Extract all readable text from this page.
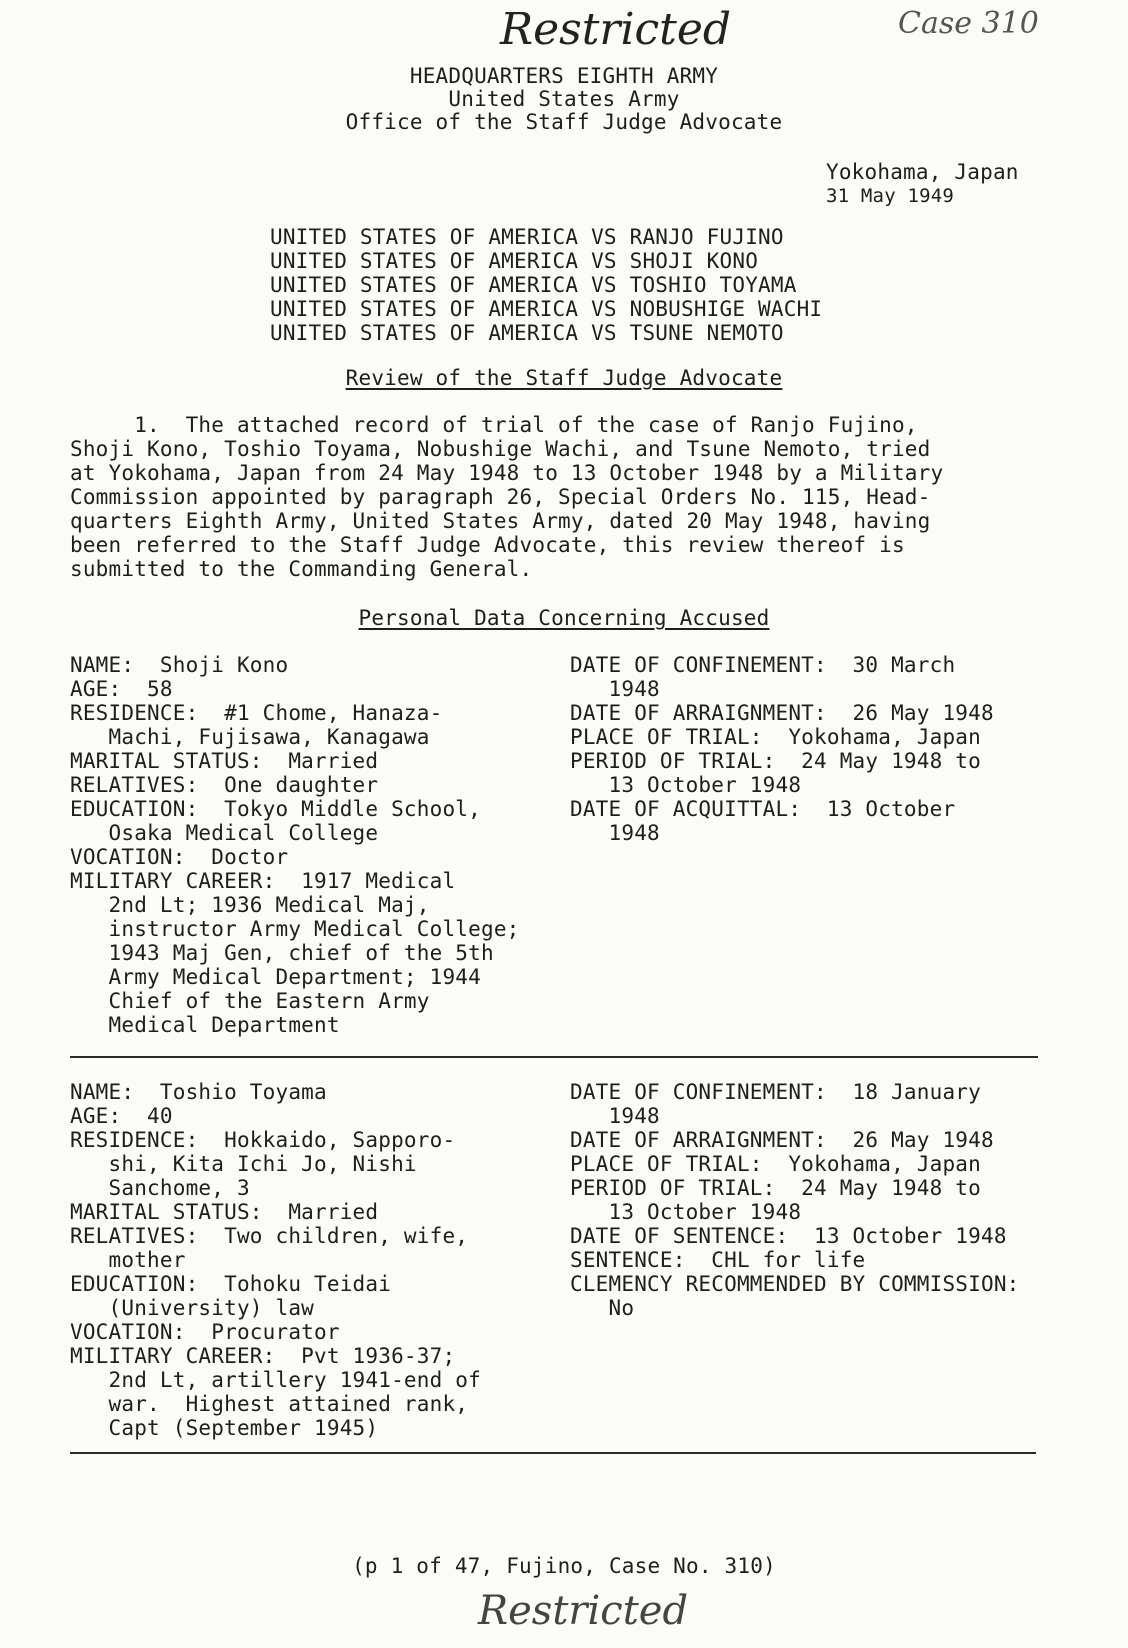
Restricted	Case 310
HEADQUARTERS EIGHTH ARMY
United States Army
Office of the Staff Judge Advocate
Yokohama, Japan
31 May 1949
UNITED STATES OF AMERICA VS RANJO FUJINO
UNITED STATES OF AMERICA VS SHOJI KONO
UNITED STATES OF AMERICA VS TOSHIO TOYAMA
UNITED STATES OF AMERICA VS NOBUSHIGE WACHI
UNITED STATES OF AMERICA VS TSUNE NEMOTO
Review of the Staff Judge Advocate
1.  The attached record of trial of the case of Ranjo Fujino,
Shoji Kono, Toshio Toyama, Nobushige Wachi, and Tsune Nemoto, tried
at Yokohama, Japan from 24 May 1948 to 13 October 1948 by a Military
Commission appointed by paragraph 26, Special Orders No. 115, Head-
quarters Eighth Army, United States Army, dated 20 May 1948, having
been referred to the Staff Judge Advocate, this review thereof is
submitted to the Commanding General.
Personal Data Concerning Accused
NAME:  Shoji Kono
AGE:  58
RESIDENCE:  #1 Chome, Hanaza-
Machi, Fujisawa, Kanagawa
MARITAL STATUS:  Married
RELATIVES:  One daughter
EDUCATION:  Tokyo Middle School,
Osaka Medical College
VOCATION:  Doctor
MILITARY CAREER:  1917 Medical
2nd Lt; 1936 Medical Maj,
instructor Army Medical College;
1943 Maj Gen, chief of the 5th
Army Medical Department; 1944
Chief of the Eastern Army
Medical Department
DATE OF CONFINEMENT:  30 March
1948
DATE OF ARRAIGNMENT:  26 May 1948
PLACE OF TRIAL:  Yokohama, Japan
PERIOD OF TRIAL:  24 May 1948 to
13 October 1948
DATE OF ACQUITTAL:  13 October
1948
NAME:  Toshio Toyama
AGE:  40
RESIDENCE:  Hokkaido, Sapporo-
shi, Kita Ichi Jo, Nishi
Sanchome, 3
MARITAL STATUS:  Married
RELATIVES:  Two children, wife,
mother
EDUCATION:  Tohoku Teidai
(University) law
VOCATION:  Procurator
MILITARY CAREER:  Pvt 1936-37;
2nd Lt, artillery 1941-end of
war.  Highest attained rank,
Capt (September 1945)
DATE OF CONFINEMENT:  18 January
1948
DATE OF ARRAIGNMENT:  26 May 1948
PLACE OF TRIAL:  Yokohama, Japan
PERIOD OF TRIAL:  24 May 1948 to
13 October 1948
DATE OF SENTENCE:  13 October 1948
SENTENCE:  CHL for life
CLEMENCY RECOMMENDED BY COMMISSION:
No
(p 1 of 47, Fujino, Case No. 310)
Restricted
